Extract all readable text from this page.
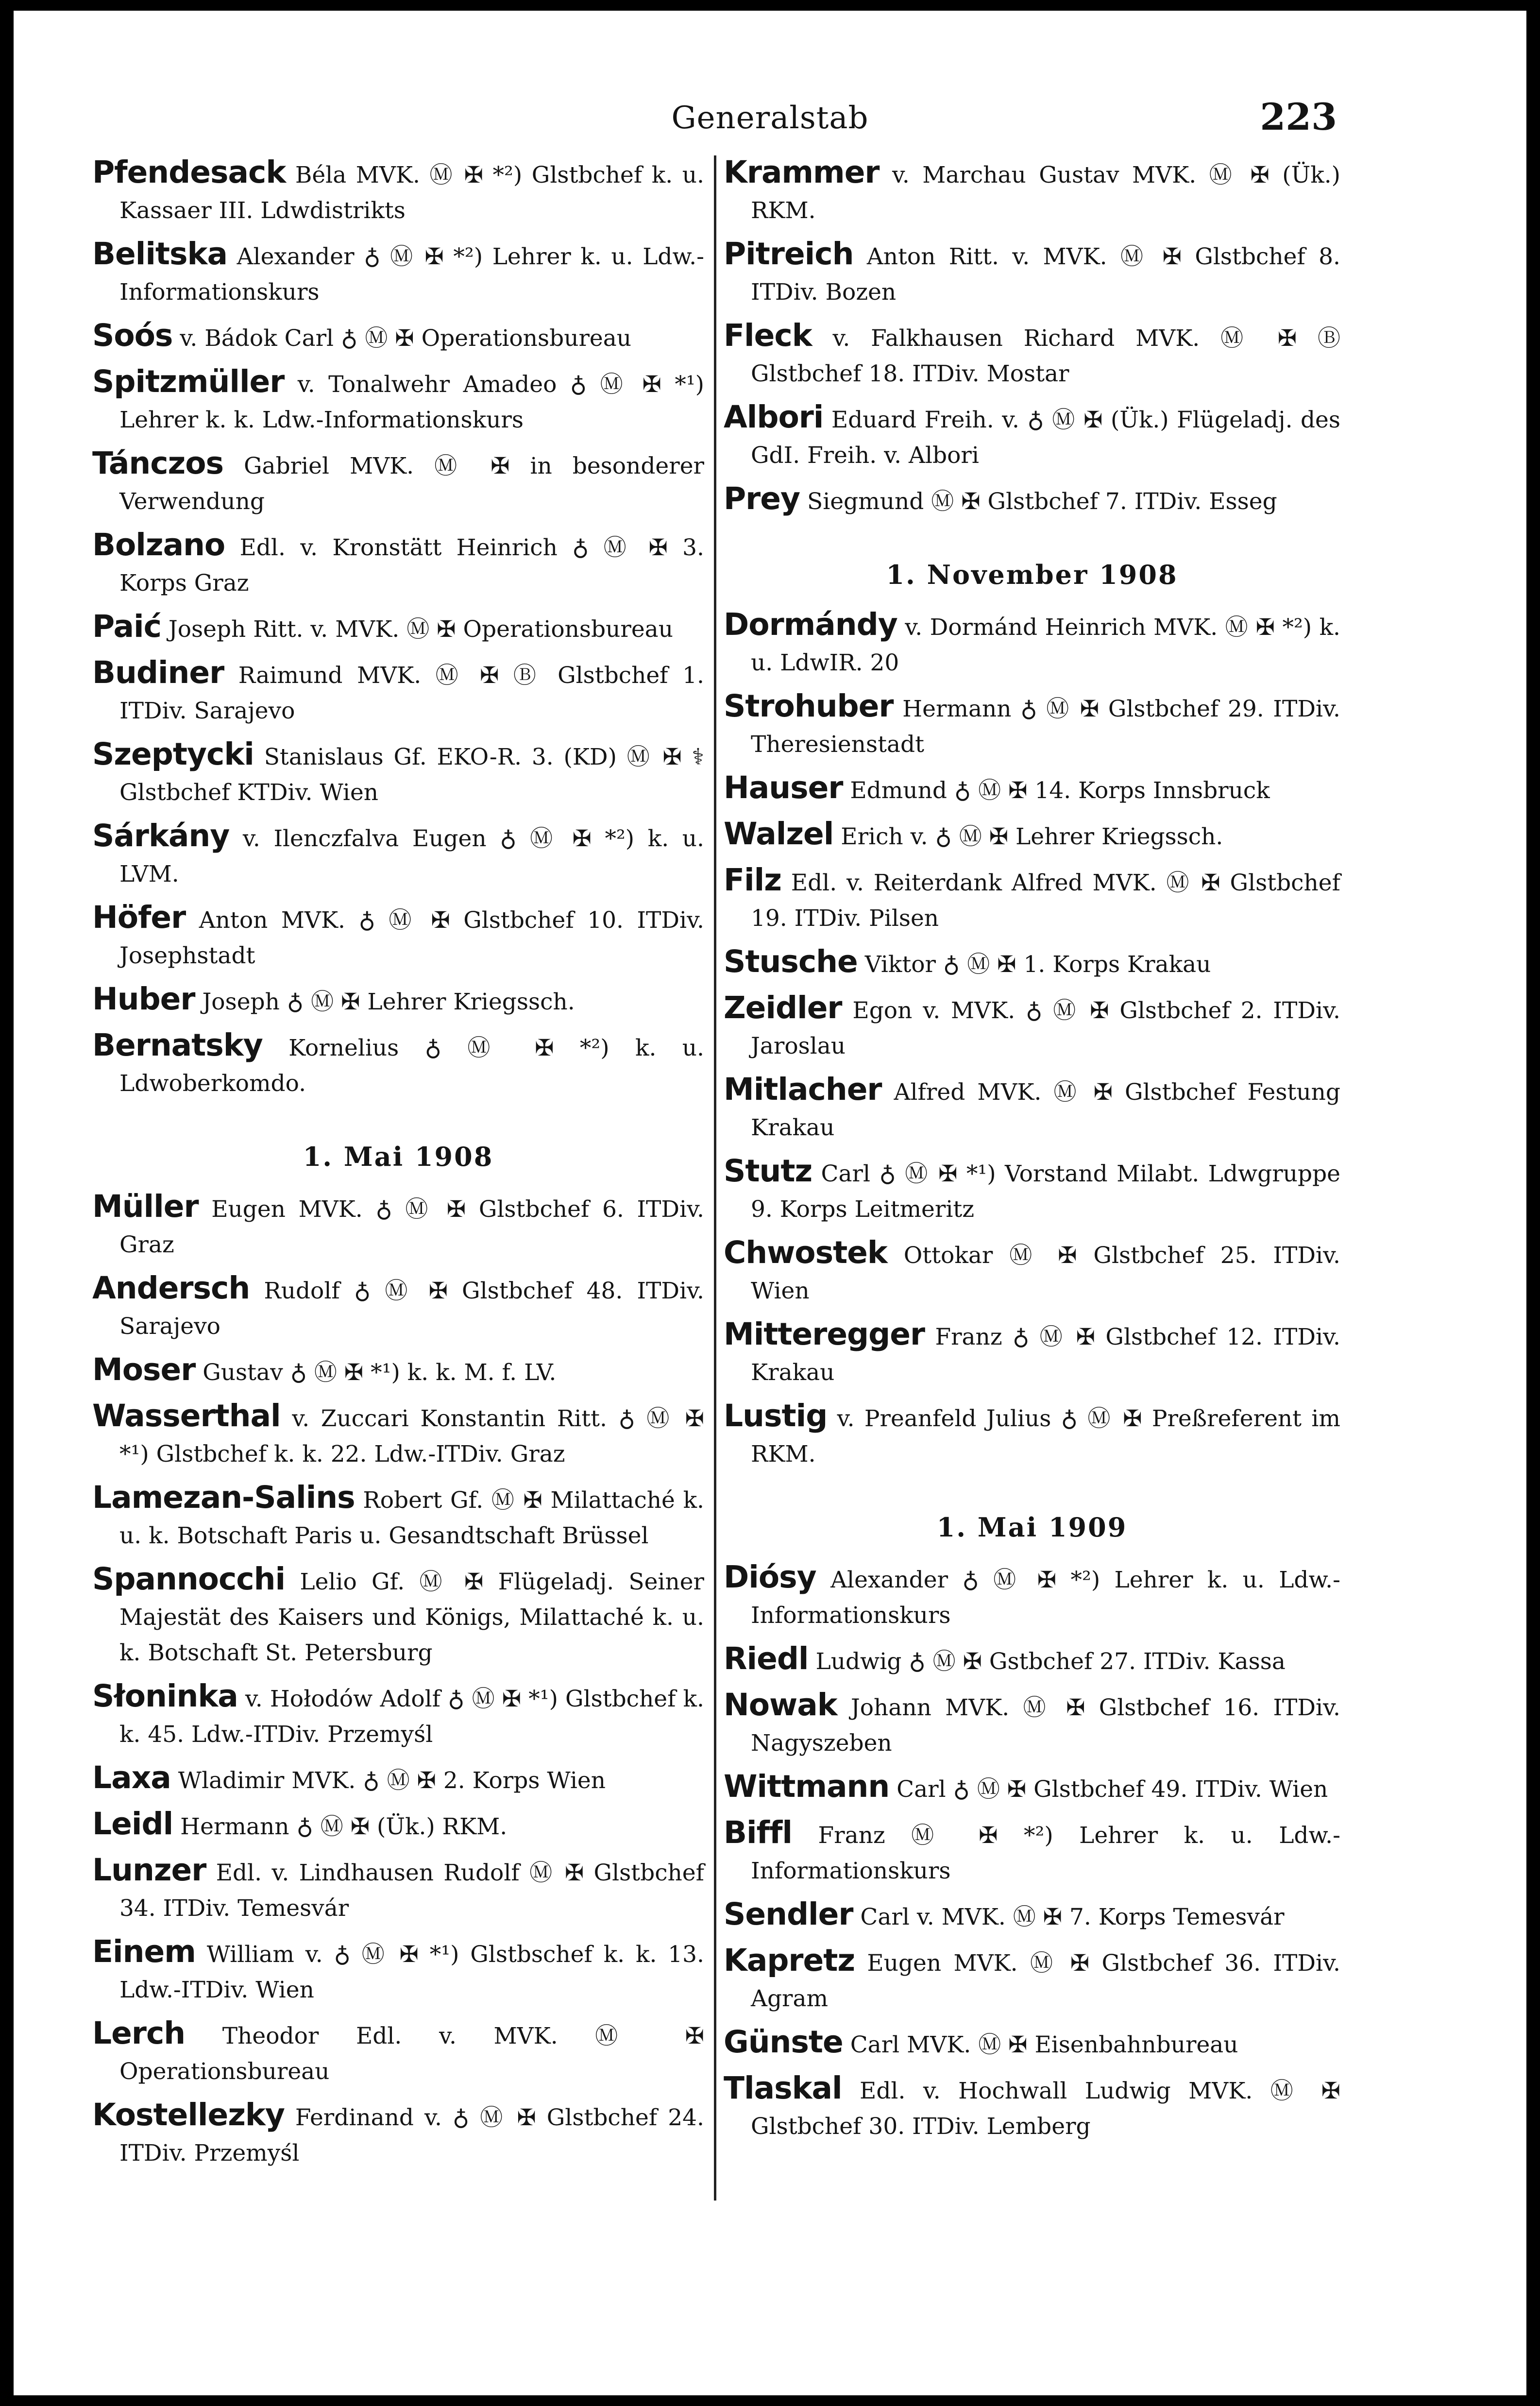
Generalstab	223
Pfendesack Béla MVK. Ⓜ ✠ *²) Glstbchef k. u. Kassaer III. Ldwdistrikts
Belitska Alexander ♁ Ⓜ ✠ *²) Lehrer k. u. Ldw.-Informationskurs
Soós v. Bádok Carl ♁ Ⓜ ✠ Operationsbureau
Spitzmüller v. Tonalwehr Amadeo ♁ Ⓜ ✠ *¹) Lehrer k. k. Ldw.-Informationskurs
Tánczos Gabriel MVK. Ⓜ ✠ in besonderer Verwendung
Bolzano Edl. v. Kronstätt Heinrich ♁ Ⓜ ✠ 3. Korps Graz
Paić Joseph Ritt. v. MVK. Ⓜ ✠ Operationsbureau
Budiner Raimund MVK. Ⓜ ✠ Ⓑ Glstbchef 1. ITDiv. Sarajevo
Szeptycki Stanislaus Gf. EKO-R. 3. (KD) Ⓜ ✠ ⚕ Glstbchef KTDiv. Wien
Sárkány v. Ilenczfalva Eugen ♁ Ⓜ ✠ *²) k. u. LVM.
Höfer Anton MVK. ♁ Ⓜ ✠ Glstbchef 10. ITDiv. Josephstadt
Huber Joseph ♁ Ⓜ ✠ Lehrer Kriegssch.
Bernatsky Kornelius ♁ Ⓜ ✠ *²) k. u. Ldwoberkomdo.
1. Mai 1908
Müller Eugen MVK. ♁ Ⓜ ✠ Glstbchef 6. ITDiv. Graz
Andersch Rudolf ♁ Ⓜ ✠ Glstbchef 48. ITDiv. Sarajevo
Moser Gustav ♁ Ⓜ ✠ *¹) k. k. M. f. LV.
Wasserthal v. Zuccari Konstantin Ritt. ♁ Ⓜ ✠ *¹) Glstbchef k. k. 22. Ldw.-ITDiv. Graz
Lamezan-Salins Robert Gf. Ⓜ ✠ Milattaché k. u. k. Botschaft Paris u. Gesandtschaft Brüssel
Spannocchi Lelio Gf. Ⓜ ✠ Flügeladj. Seiner Majestät des Kaisers und Königs, Milattaché k. u. k. Botschaft St. Petersburg
Słoninka v. Hołodów Adolf ♁ Ⓜ ✠ *¹) Glstbchef k. k. 45. Ldw.-ITDiv. Przemyśl
Laxa Wladimir MVK. ♁ Ⓜ ✠ 2. Korps Wien
Leidl Hermann ♁ Ⓜ ✠ (Ük.) RKM.
Lunzer Edl. v. Lindhausen Rudolf Ⓜ ✠ Glstbchef 34. ITDiv. Temesvár
Einem William v. ♁ Ⓜ ✠ *¹) Glstbschef k. k. 13. Ldw.-ITDiv. Wien
Lerch Theodor Edl. v. MVK. Ⓜ ✠ Operationsbureau
Kostellezky Ferdinand v. ♁ Ⓜ ✠ Glstbchef 24. ITDiv. Przemyśl
Krammer v. Marchau Gustav MVK. Ⓜ ✠ (Ük.) RKM.
Pitreich Anton Ritt. v. MVK. Ⓜ ✠ Glstbchef 8. ITDiv. Bozen
Fleck v. Falkhausen Richard MVK. Ⓜ ✠ Ⓑ Glstbchef 18. ITDiv. Mostar
Albori Eduard Freih. v. ♁ Ⓜ ✠ (Ük.) Flügeladj. des GdI. Freih. v. Albori
Prey Siegmund Ⓜ ✠ Glstbchef 7. ITDiv. Esseg
1. November 1908
Dormándy v. Dormánd Heinrich MVK. Ⓜ ✠ *²) k. u. LdwIR. 20
Strohuber Hermann ♁ Ⓜ ✠ Glstbchef 29. ITDiv. Theresienstadt
Hauser Edmund ♁ Ⓜ ✠ 14. Korps Innsbruck
Walzel Erich v. ♁ Ⓜ ✠ Lehrer Kriegssch.
Filz Edl. v. Reiterdank Alfred MVK. Ⓜ ✠ Glstbchef 19. ITDiv. Pilsen
Stusche Viktor ♁ Ⓜ ✠ 1. Korps Krakau
Zeidler Egon v. MVK. ♁ Ⓜ ✠ Glstbchef 2. ITDiv. Jaroslau
Mitlacher Alfred MVK. Ⓜ ✠ Glstbchef Festung Krakau
Stutz Carl ♁ Ⓜ ✠ *¹) Vorstand Milabt. Ldwgruppe 9. Korps Leitmeritz
Chwostek Ottokar Ⓜ ✠ Glstbchef 25. ITDiv. Wien
Mitteregger Franz ♁ Ⓜ ✠ Glstbchef 12. ITDiv. Krakau
Lustig v. Preanfeld Julius ♁ Ⓜ ✠ Preßreferent im RKM.
1. Mai 1909
Diósy Alexander ♁ Ⓜ ✠ *²) Lehrer k. u. Ldw.-Informationskurs
Riedl Ludwig ♁ Ⓜ ✠ Gstbchef 27. ITDiv. Kassa
Nowak Johann MVK. Ⓜ ✠ Glstbchef 16. ITDiv. Nagyszeben
Wittmann Carl ♁ Ⓜ ✠ Glstbchef 49. ITDiv. Wien
Biffl Franz Ⓜ ✠ *²) Lehrer k. u. Ldw.-Informationskurs
Sendler Carl v. MVK. Ⓜ ✠ 7. Korps Temesvár
Kapretz Eugen MVK. Ⓜ ✠ Glstbchef 36. ITDiv. Agram
Günste Carl MVK. Ⓜ ✠ Eisenbahnbureau
Tlaskal Edl. v. Hochwall Ludwig MVK. Ⓜ ✠ Glstbchef 30. ITDiv. Lemberg
